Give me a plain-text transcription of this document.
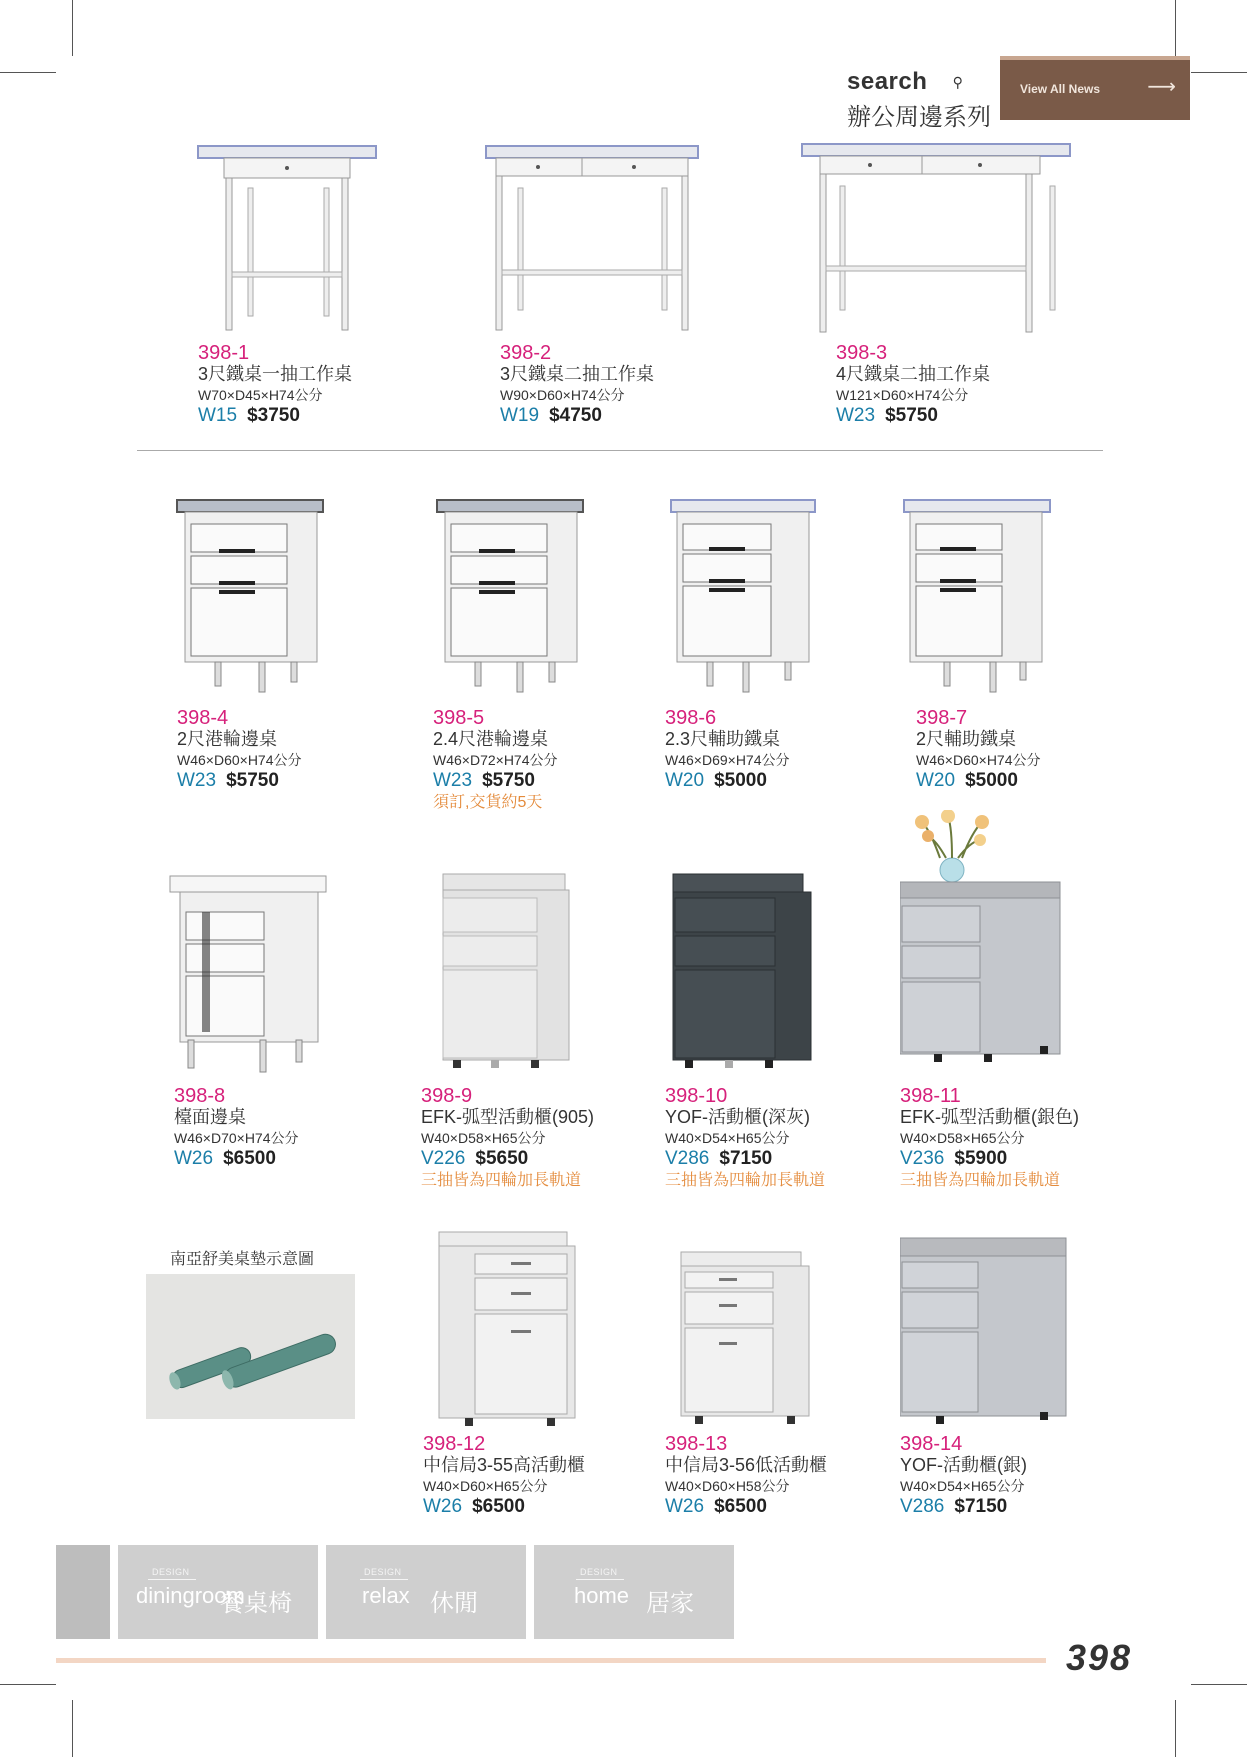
search ⚲
辦公周邊系列
View All News ⟶
398-1
3尺鐵桌一抽工作桌
W70×D45×H74公分
W15 $3750
398-2
3尺鐵桌二抽工作桌
W90×D60×H74公分
W19 $4750
398-3
4尺鐵桌二抽工作桌
W121×D60×H74公分
W23 $5750
398-4
2尺港輪邊桌
W46×D60×H74公分
W23 $5750
398-5
2.4尺港輪邊桌
W46×D72×H74公分
W23 $5750
須訂,交貨約5天
398-6
2.3尺輔助鐵桌
W46×D69×H74公分
W20 $5000
398-7
2尺輔助鐵桌
W46×D60×H74公分
W20 $5000
398-8
檯面邊桌
W46×D70×H74公分
W26 $6500
398-9
EFK-弧型活動櫃(905)
W40×D58×H65公分
V226 $5650
三抽皆為四輪加長軌道
398-10
YOF-活動櫃(深灰)
W40×D54×H65公分
V286 $7150
三抽皆為四輪加長軌道
398-11
EFK-弧型活動櫃(銀色)
W40×D58×H65公分
V236 $5900
三抽皆為四輪加長軌道
南亞舒美桌墊示意圖
398-12
中信局3-55高活動櫃
W40×D60×H65公分
W26 $6500
398-13
中信局3-56低活動櫃
W40×D60×H58公分
W26 $6500
398-14
YOF-活動櫃(銀)
W40×D54×H65公分
V286 $7150
DESIGN
diningroom
餐桌椅
DESIGN
relax 休閒
DESIGN
home 居家
398
